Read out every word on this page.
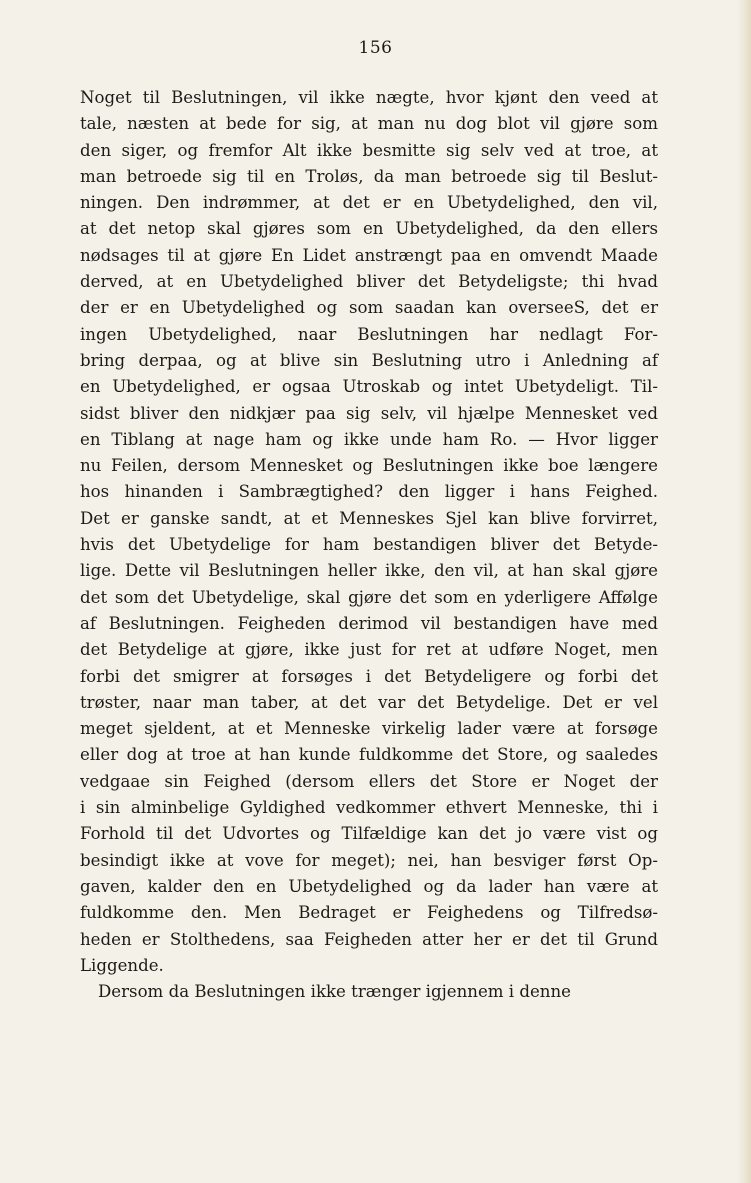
156
Noget til Beslutningen, vil ikke nægte, hvor kjønt den veed at
tale, næsten at bede for sig, at man nu dog blot vil gjøre som
den siger, og fremfor Alt ikke besmitte sig selv ved at troe, at
man betroede sig til en Troløs, da man betroede sig til Beslut-
ningen. Den indrømmer, at det er en Ubetydelighed, den vil,
at det netop skal gjøres som en Ubetydelighed, da den ellers
nødsages til at gjøre En Lidet anstrængt paa en omvendt Maade
derved, at en Ubetydelighed bliver det Betydeligste; thi hvad
der er en Ubetydelighed og som saadan kan overseeS, det er
ingen Ubetydelighed, naar Beslutningen har nedlagt For-
bring derpaa, og at blive sin Beslutning utro i Anledning af
en Ubetydelighed, er ogsaa Utroskab og intet Ubetydeligt. Til-
sidst bliver den nidkjær paa sig selv, vil hjælpe Mennesket ved
en Tiblang at nage ham og ikke unde ham Ro. — Hvor ligger
nu Feilen, dersom Mennesket og Beslutningen ikke boe længere
hos hinanden i Sambrægtighed? den ligger i hans Feighed.
Det er ganske sandt, at et Menneskes Sjel kan blive forvirret,
hvis det Ubetydelige for ham bestandigen bliver det Betyde-
lige. Dette vil Beslutningen heller ikke, den vil, at han skal gjøre
det som det Ubetydelige, skal gjøre det som en yderligere Affølge
af Beslutningen. Feigheden derimod vil bestandigen have med
det Betydelige at gjøre, ikke just for ret at udføre Noget, men
forbi det smigrer at forsøges i det Betydeligere og forbi det
trøster, naar man taber, at det var det Betydelige. Det er vel
meget sjeldent, at et Menneske virkelig lader være at forsøge
eller dog at troe at han kunde fuldkomme det Store, og saaledes
vedgaae sin Feighed (dersom ellers det Store er Noget der
i sin alminbelige Gyldighed vedkommer ethvert Menneske, thi i
Forhold til det Udvortes og Tilfældige kan det jo være vist og
besindigt ikke at vove for meget); nei, han besviger først Op-
gaven, kalder den en Ubetydelighed og da lader han være at
fuldkomme den. Men Bedraget er Feighedens og Tilfredsø-
heden er Stolthedens, saa Feigheden atter her er det til Grund
Liggende.
Dersom da Beslutningen ikke trænger igjennem i denne
